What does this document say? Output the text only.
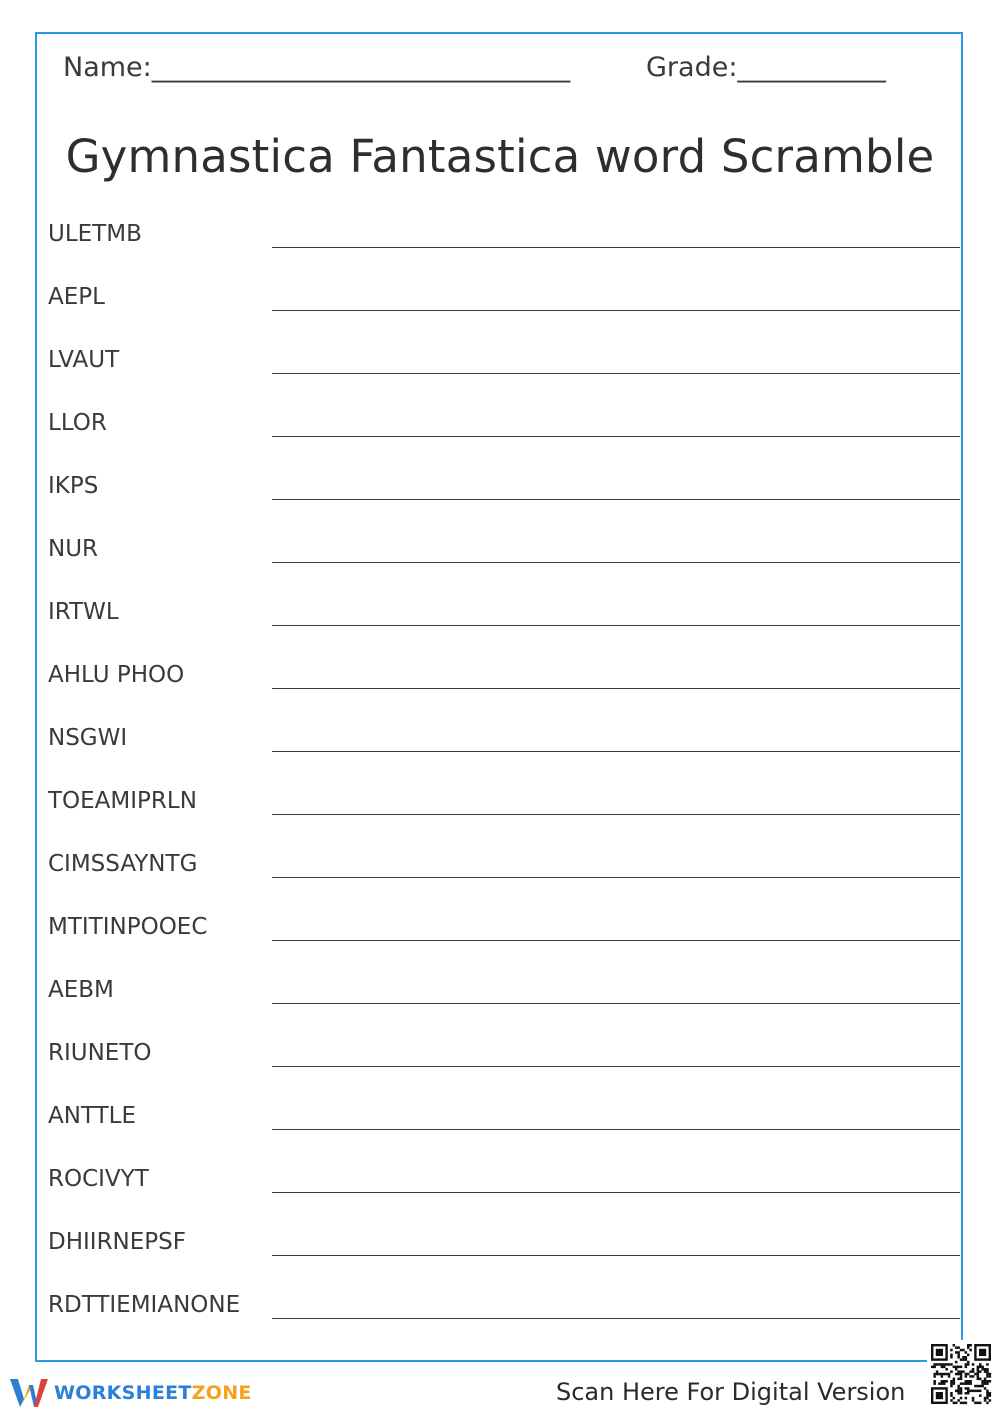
Name:_______________________________	Grade:___________
Gymnastica Fantastica word Scramble
ULETMB
AEPL
LVAUT
LLOR
IKPS
NUR
IRTWL
AHLU PHOO
NSGWI
TOEAMIPRLN
CIMSSAYNTG
MTITINPOOEC
AEBM
RIUNETO
ANTTLE
ROCIVYT
DHIIRNEPSF
RDTTIEMIANONE
WORKSHEETZONE	Scan Here For Digital Version
